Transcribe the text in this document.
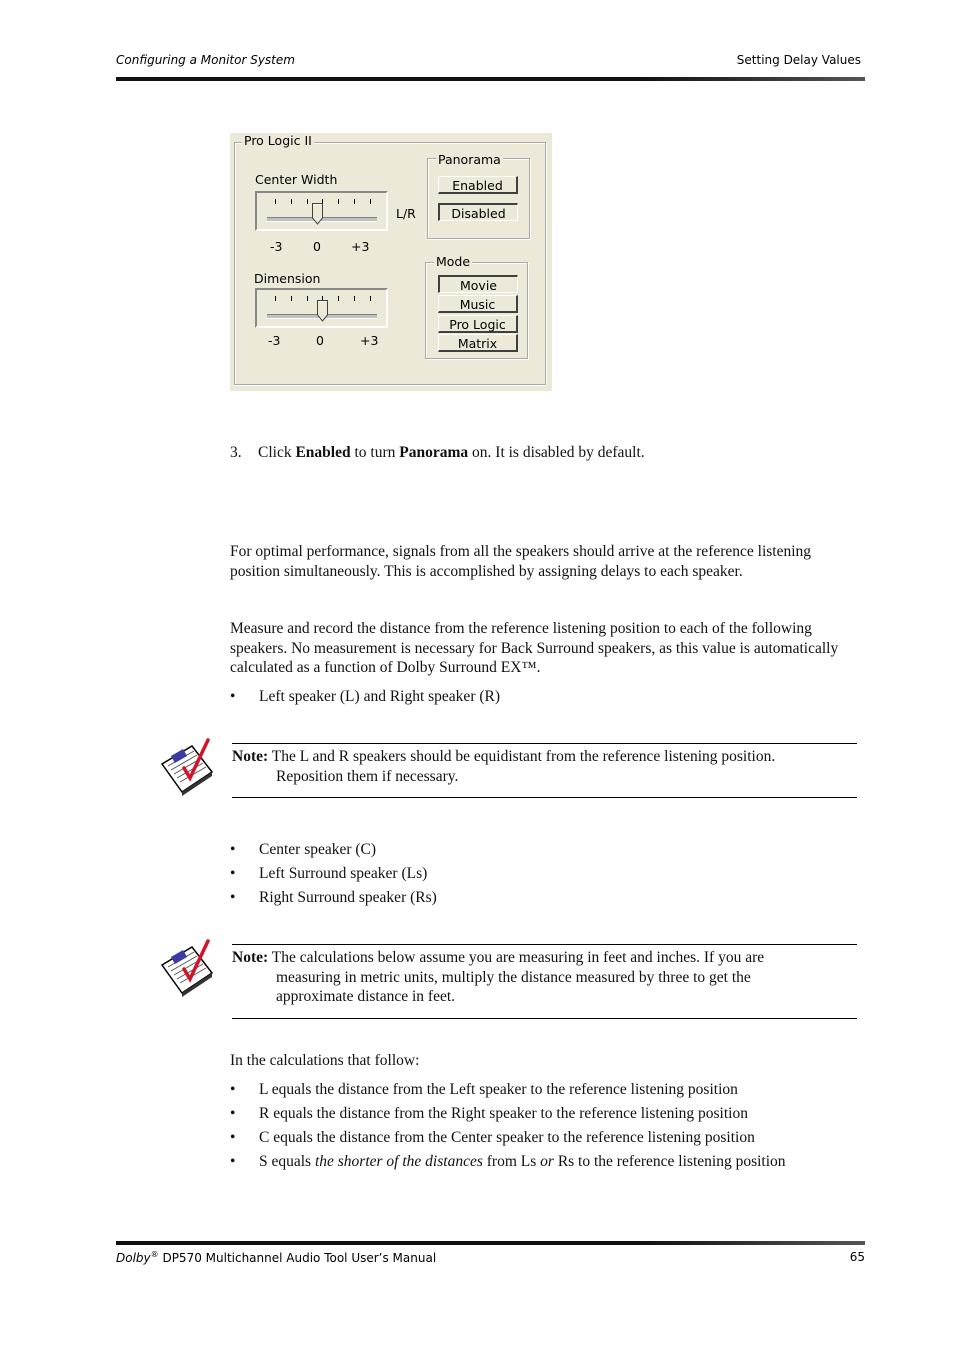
Configuring a Monitor System	Setting Delay Values
Pro Logic II
Center Width
-3 0 +3
L/R
Dimension
-3	0	+3
Panorama
Enabled
Disabled
Mode
Movie
Music
Pro Logic
Matrix
3. Click Enabled to turn Panorama on. It is disabled by default.
For optimal performance, signals from all the speakers should arrive at the reference listening position simultaneously. This is accomplished by assigning delays to each speaker.
Measure and record the distance from the reference listening position to each of the following speakers. No measurement is necessary for Back Surround speakers, as this value is automatically calculated as a function of Dolby Surround EX™.
• Left speaker (L) and Right speaker (R)
Note: The L and R speakers should be equidistant from the reference listening position.
Reposition them if necessary.
• Center speaker (C)
• Left Surround speaker (Ls)
• Right Surround speaker (Rs)
Note: The calculations below assume you are measuring in feet and inches. If you are
measuring in metric units, multiply the distance measured by three to get the
approximate distance in feet.
In the calculations that follow:
• L equals the distance from the Left speaker to the reference listening position
• R equals the distance from the Right speaker to the reference listening position
• C equals the distance from the Center speaker to the reference listening position
• S equals the shorter of the distances from Ls or Rs to the reference listening position
Dolby® DP570 Multichannel Audio Tool User’s Manual	65
